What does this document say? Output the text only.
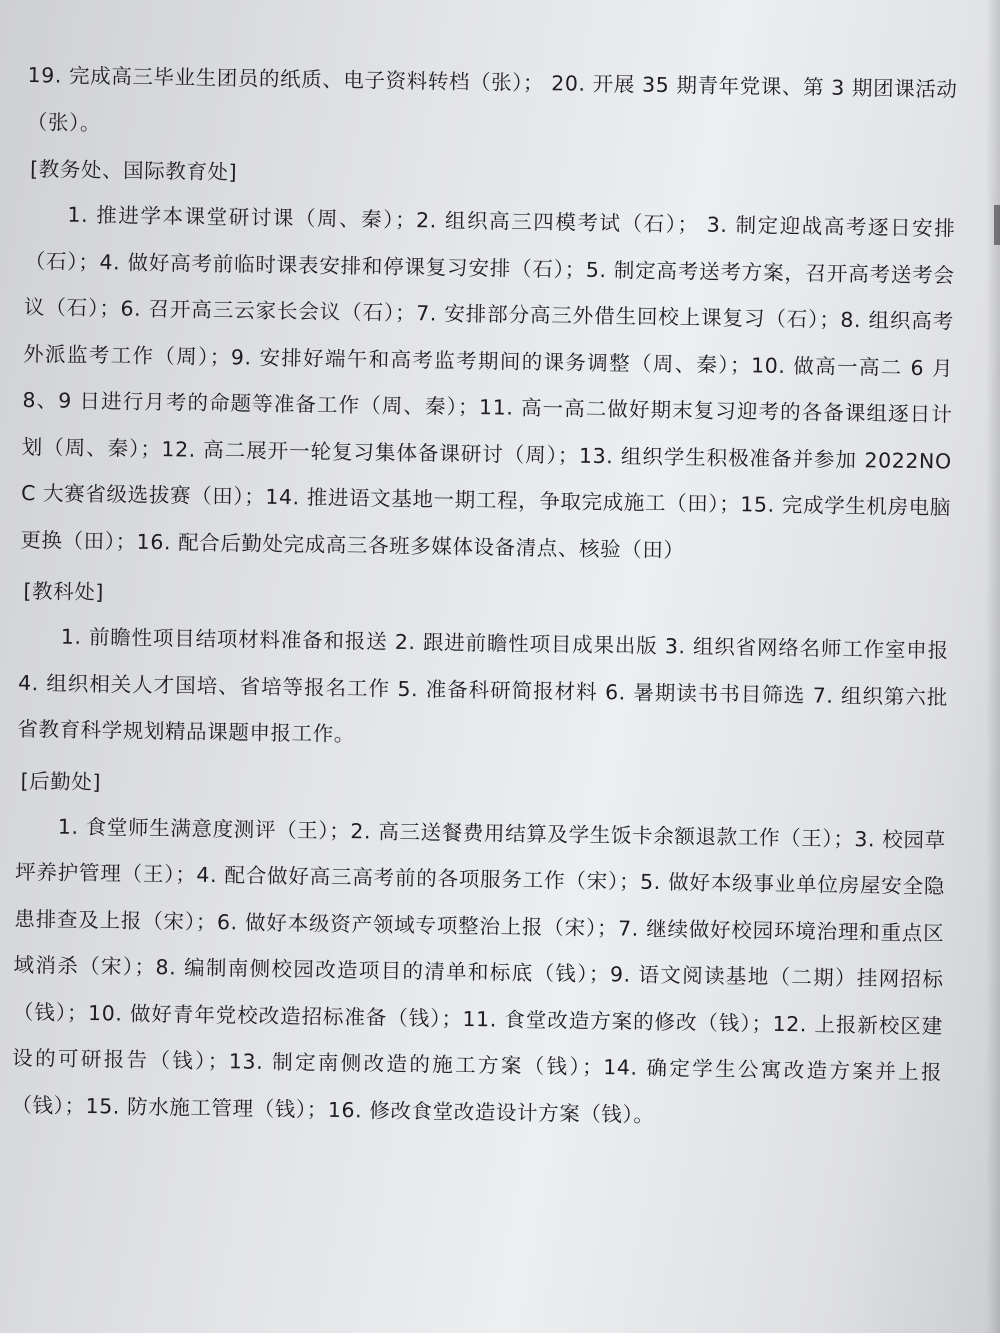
19. 完成高三毕业生团员的纸质、电子资料转档（张）； 20. 开展 35 期青年党课、第 3 期团课活动（张）。

[教务处、国际教育处]

1. 推进学本课堂研讨课（周、秦）；2. 组织高三四模考试（石）； 3. 制定迎战高考逐日安排（石）；4. 做好高考前临时课表安排和停课复习安排（石）；5. 制定高考送考方案，召开高考送考会议（石）；6. 召开高三云家长会议（石）；7. 安排部分高三外借生回校上课复习（石）；8. 组织高考外派监考工作（周）；9. 安排好端午和高考监考期间的课务调整（周、秦）；10. 做高一高二 6 月 8、9 日进行月考的命题等准备工作（周、秦）；11. 高一高二做好期末复习迎考的各备课组逐日计划（周、秦）；12. 高二展开一轮复习集体备课研讨（周）；13. 组织学生积极准备并参加 2022NOC 大赛省级选拔赛（田）；14. 推进语文基地一期工程，争取完成施工（田）；15. 完成学生机房电脑更换（田）；16. 配合后勤处完成高三各班多媒体设备清点、核验（田）

[教科处]

1. 前瞻性项目结项材料准备和报送 2. 跟进前瞻性项目成果出版 3. 组织省网络名师工作室申报 4. 组织相关人才国培、省培等报名工作 5. 准备科研简报材料 6. 暑期读书书目筛选 7. 组织第六批省教育科学规划精品课题申报工作。

[后勤处]

1. 食堂师生满意度测评（王）；2. 高三送餐费用结算及学生饭卡余额退款工作（王）；3. 校园草坪养护管理（王）；4. 配合做好高三高考前的各项服务工作（宋）；5. 做好本级事业单位房屋安全隐患排查及上报（宋）；6. 做好本级资产领域专项整治上报（宋）；7. 继续做好校园环境治理和重点区域消杀（宋）；8. 编制南侧校园改造项目的清单和标底（钱）；9. 语文阅读基地（二期）挂网招标（钱）；10. 做好青年党校改造招标准备（钱）；11. 食堂改造方案的修改（钱）；12. 上报新校区建设的可研报告（钱）；13. 制定南侧改造的施工方案（钱）；14. 确定学生公寓改造方案并上报（钱）；15. 防水施工管理（钱）；16. 修改食堂改造设计方案（钱）。
